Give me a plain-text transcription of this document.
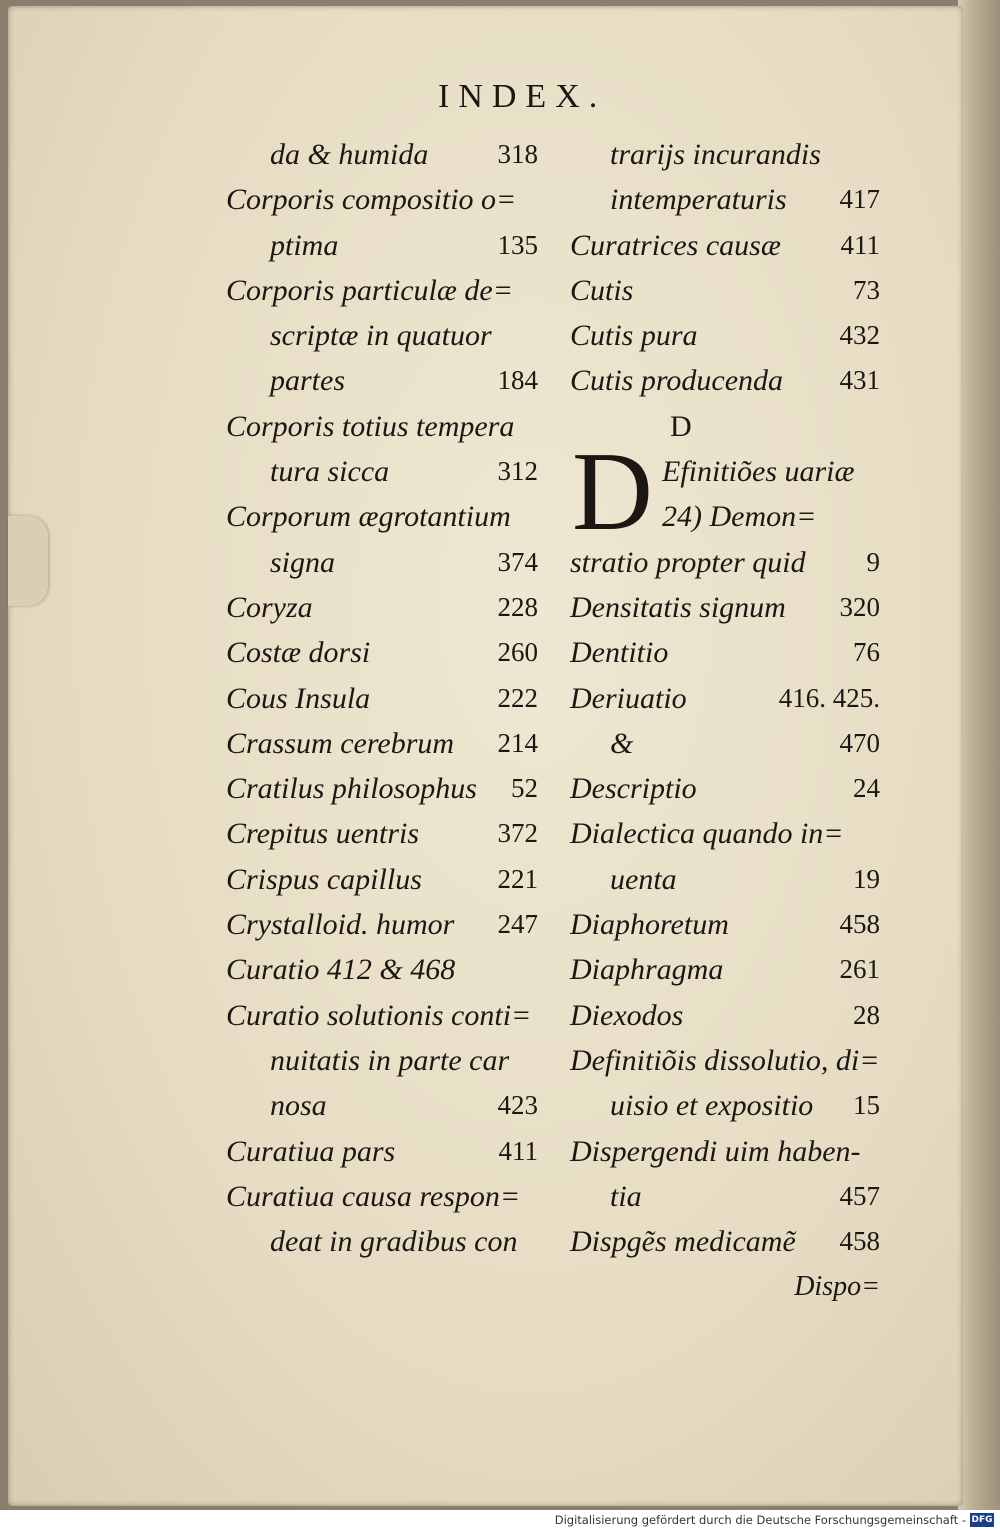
INDEX.
da & humida	318
Corporis compositio o=
ptima	135
Corporis particulæ de=
scriptæ in quatuor
partes	184
Corporis totius tempera
tura sicca	312
Corporum ægrotantium
signa	374
Coryza	228
Costæ dorsi	260
Cous Insula	222
Crassum cerebrum 214
Cratilus philosophus 52
Crepitus uentris	372
Crispus capillus	221
Crystalloid. humor 247
Curatio 412 & 468
Curatio solutionis conti=
nuitatis in parte car
nosa	423
Curatiua pars	411
Curatiua causa respon=
deat in gradibus con
trarijs incurandis
intemperaturis 417
Curatrices causæ 411
Cutis	73
Cutis pura	432
Cutis producenda 431
D
Efinitiões uariæ
24) Demon=
stratio propter quid 9
Densitatis signum 320
Dentitio	76
Deriuatio	416. 425.
&	470
Descriptio	24
Dialectica quando in=
uenta	19
Diaphoretum	458
Diaphragma	261
Diexodos	28
Definitiõis dissolutio, di=
uisio et expositio 15
Dispergendi uim haben-
tia	457
Dispgẽs medicamẽ 458
Dispo=
D
Digitalisierung gefördert durch die Deutsche Forschungsgemeinschaft - DFG
